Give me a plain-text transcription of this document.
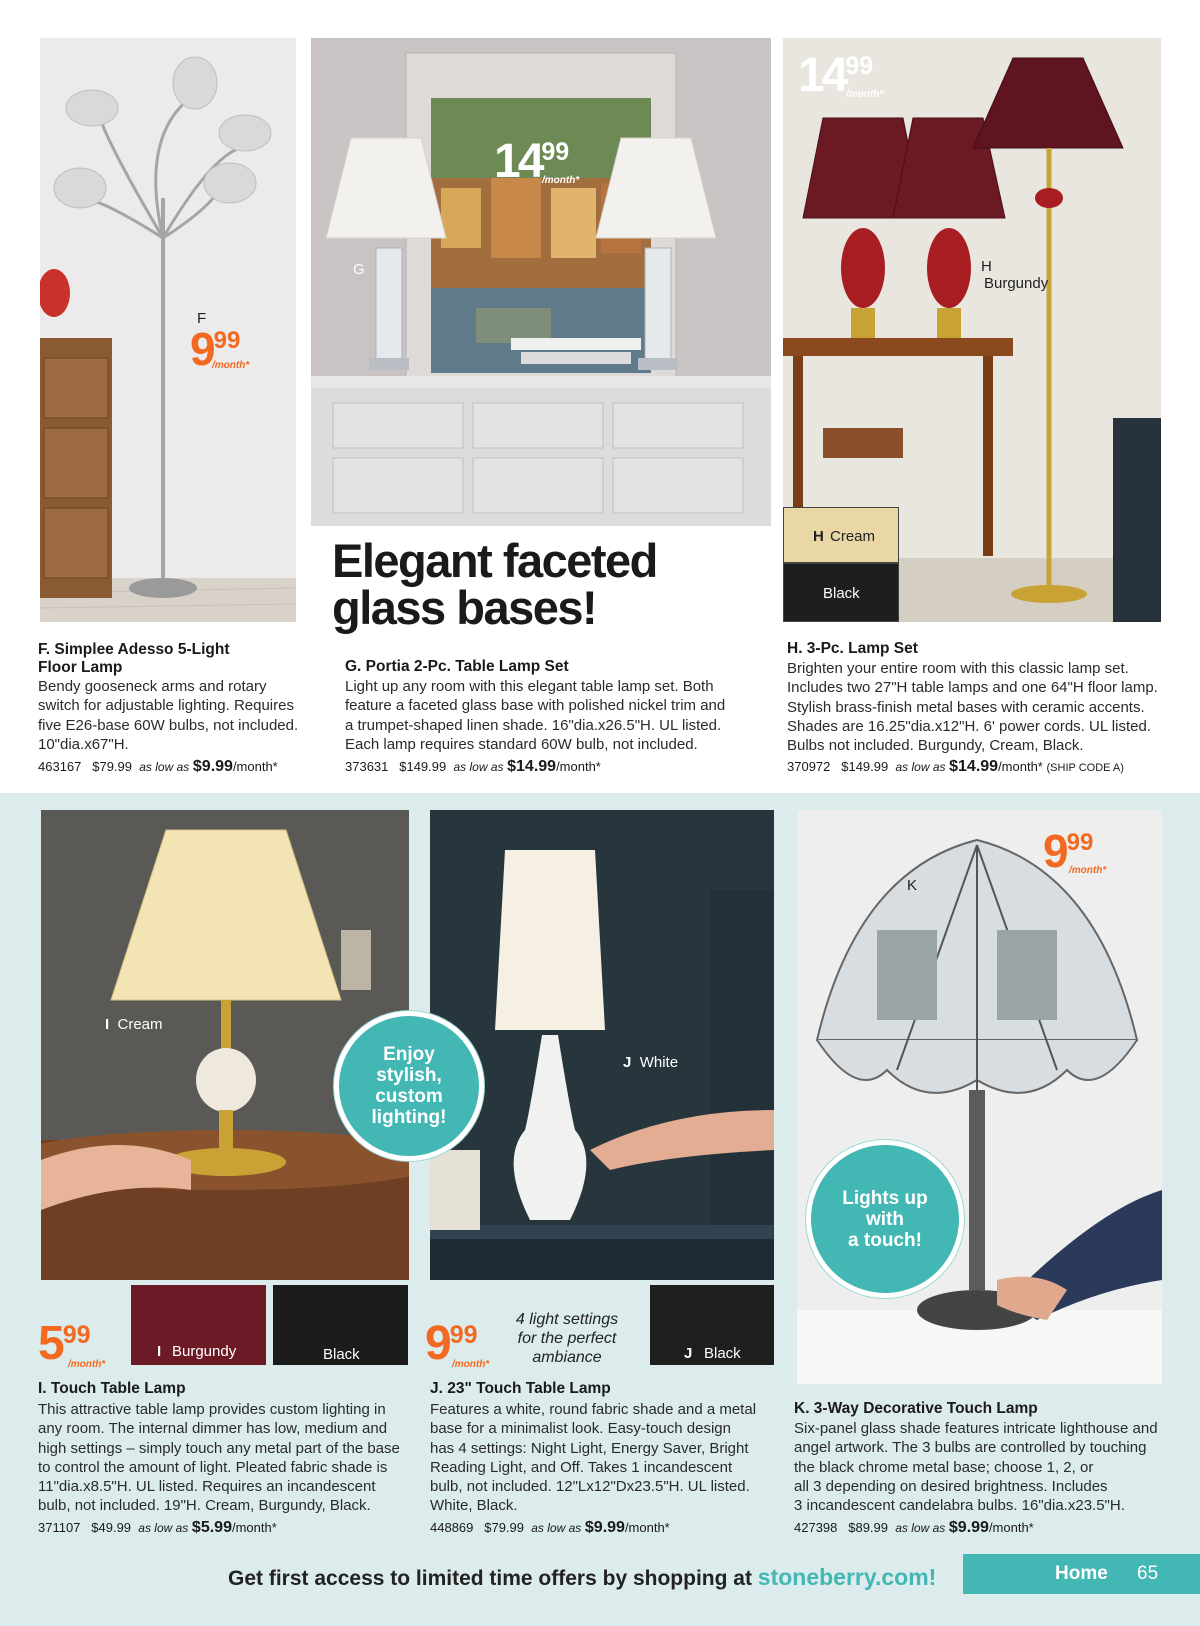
F
999
/month*
G
1499
/month*
H
Burgundy
1499
/month*
H Cream
Black
Elegant faceted
glass bases!
F. Simplee Adesso 5-Light
Floor Lamp
Bendy gooseneck arms and rotary
switch for adjustable lighting. Requires
five E26-base 60W bulbs, not included.
10"dia.x67"H.
463167 $79.99 as low as $9.99/month*
G. Portia 2-Pc. Table Lamp Set
Light up any room with this elegant table lamp set. Both
feature a faceted glass base with polished nickel trim and
a trumpet-shaped linen shade. 16"dia.x26.5"H. UL listed.
Each lamp requires standard 60W bulb, not included.
373631 $149.99 as low as $14.99/month*
H. 3-Pc. Lamp Set
Brighten your entire room with this classic lamp set.
Includes two 27"H table lamps and one 64"H floor lamp.
Stylish brass-finish metal bases with ceramic accents.
Shades are 16.25"dia.x12"H. 6' power cords. UL listed.
Bulbs not included. Burgundy, Cream, Black.
370972 $149.99 as low as $14.99/month* (SHIP CODE A)
I Cream
J White
K
999
/month*
Enjoy
stylish,
custom
lighting!
Lights up
with
a touch!
I Burgundy	Black
599
/month*
4 light settings
for the perfect
ambiance	J Black
999
/month*
I. Touch Table Lamp
This attractive table lamp provides custom lighting in
any room. The internal dimmer has low, medium and
high settings – simply touch any metal part of the base
to control the amount of light. Pleated fabric shade is
11"dia.x8.5"H. UL listed. Requires an incandescent
bulb, not included. 19"H. Cream, Burgundy, Black.
371107 $49.99 as low as $5.99/month*
J. 23" Touch Table Lamp
Features a white, round fabric shade and a metal
base for a minimalist look. Easy-touch design
has 4 settings: Night Light, Energy Saver, Bright
Reading Light, and Off. Takes 1 incandescent
bulb, not included. 12"Lx12"Dx23.5"H. UL listed.
White, Black.
448869 $79.99 as low as $9.99/month*
K. 3-Way Decorative Touch Lamp
Six-panel glass shade features intricate lighthouse and
angel artwork. The 3 bulbs are controlled by touching
the black chrome metal base; choose 1, 2, or
all 3 depending on desired brightness. Includes
3 incandescent candelabra bulbs. 16"dia.x23.5"H.
427398 $89.99 as low as $9.99/month*
Get first access to limited time offers by shopping at stoneberry.com!	Home 65
